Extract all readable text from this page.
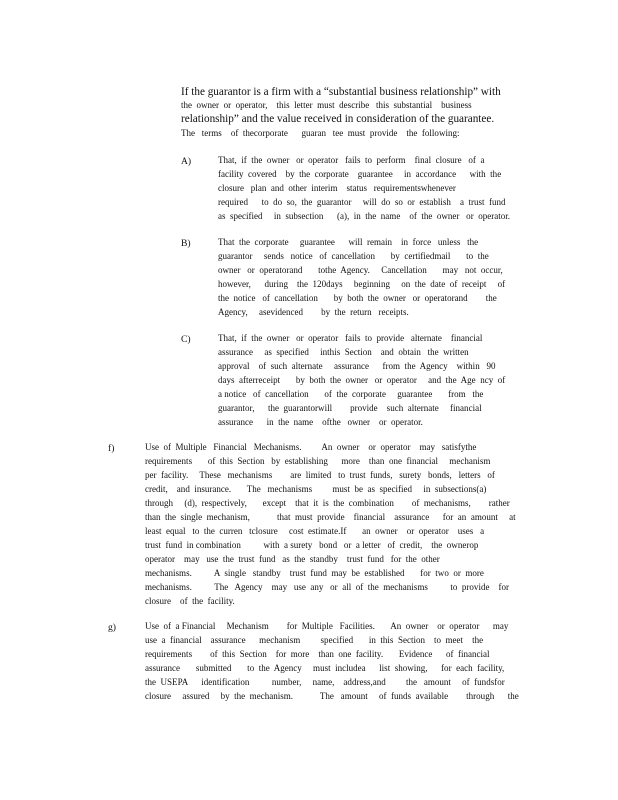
If the guarantor is a firm with a “substantial business relationship” with
the  owner  or  operator,    this  letter  must  describe   this  substantial    business
relationship” and the value received in consideration of the guarantee.
The   terms    of  thecorporate      guaran   tee  must  provide    the  following:
A)	That,  if  the  owner   or  operator   fails  to  perform    final  closure   of  a
facility  covered    by  the  corporate    guarantee     in  accordance      with  the
closure   plan  and  other  interim    status   requirementswhenever
required      to  do  so,  the  guarantor     will  do  so  or  establish    a  trust  fund
as  specified     in  subsection      (a),  in  the  name    of  the  owner   or  operator.
B)	That  the  corporate     guarantee      will  remain    in  force   unless   the
guarantor     sends   notice   of  cancellation       by  certifiedmail       to  the
owner   or  operatorand       tothe  Agency.     Cancellation       may   not  occur,
however,      during    the  120days     beginning     on  the  date  of  receipt     of
the  notice   of  cancellation       by  both  the  owner   or  operatorand        the
Agency,     asevidenced        by  the  return   receipts.
C)	That,  if  the  owner   or  operator   fails  to  provide   alternate    financial
assurance     as  specified     inthis  Section    and  obtain   the  written
approval    of  such  alternate     assurance      from  the  Agency    within   90
days  afterreceipt       by  both  the  owner   or  operator     and  the  Age  ncy  of
a notice   of  cancellation       of  the  corporate     guarantee       from   the
guarantor,      the  guarantorwill        provide    such  alternate     financial
assurance      in  the  name    ofthe   owner    or  operator.
f)	Use  of  Multiple   Financial   Mechanisms.         An  owner    or  operator    may   satisfythe
requirements       of  this  Section   by  establishing      more    than  one  financial     mechanism
per  facility.     These   mechanisms        are  limited   to  trust  funds,   surety   bonds,   letters   of
credit,    and  insurance.       The   mechanisms         must  be  as  specified     in  subsections(a)
through     (d),  respectively,       except    that  it  is  the  combination        of  mechanisms,        rather
than  the  single  mechanism,            that  must  provide    financial    assurance      for  an  amount     at
least  equal   to  the  curren   tclosure     cost  estimate.If       an  owner    or  operator    uses   a
trust  fund  in combination          with  a surety   bond   or  a letter   of  credit,    the  ownerор
operator    may   use  the  trust  fund   as  the  standby    trust  fund   for  the  other
mechanisms.          A  single   standby    trust  fund  may  be  established       for  two  or  more
mechanisms.          The   Agency    may   use  any   or  all  of  the  mechanisms          to  provide    for
closure    of  the  facility.
g)	Use  of  a Financial     Mechanism        for  Multiple   Facilities.       An  owner    or  operator      may
use  a  financial    assurance      mechanism         specified       in  this  Section    to  meet    the
requirements        of  this  Section    for  more    than  one  facility.       Evidence      of  financial
assurance       submitted       to  the  Agency     must  includea      list  showing,      for  each  facility,
the  USEPA      identification          number,     name,    address,and         the   amount     of  fundsfor
closure     assured     by  the  mechanism.            The   amount     of  funds  available        through      the
